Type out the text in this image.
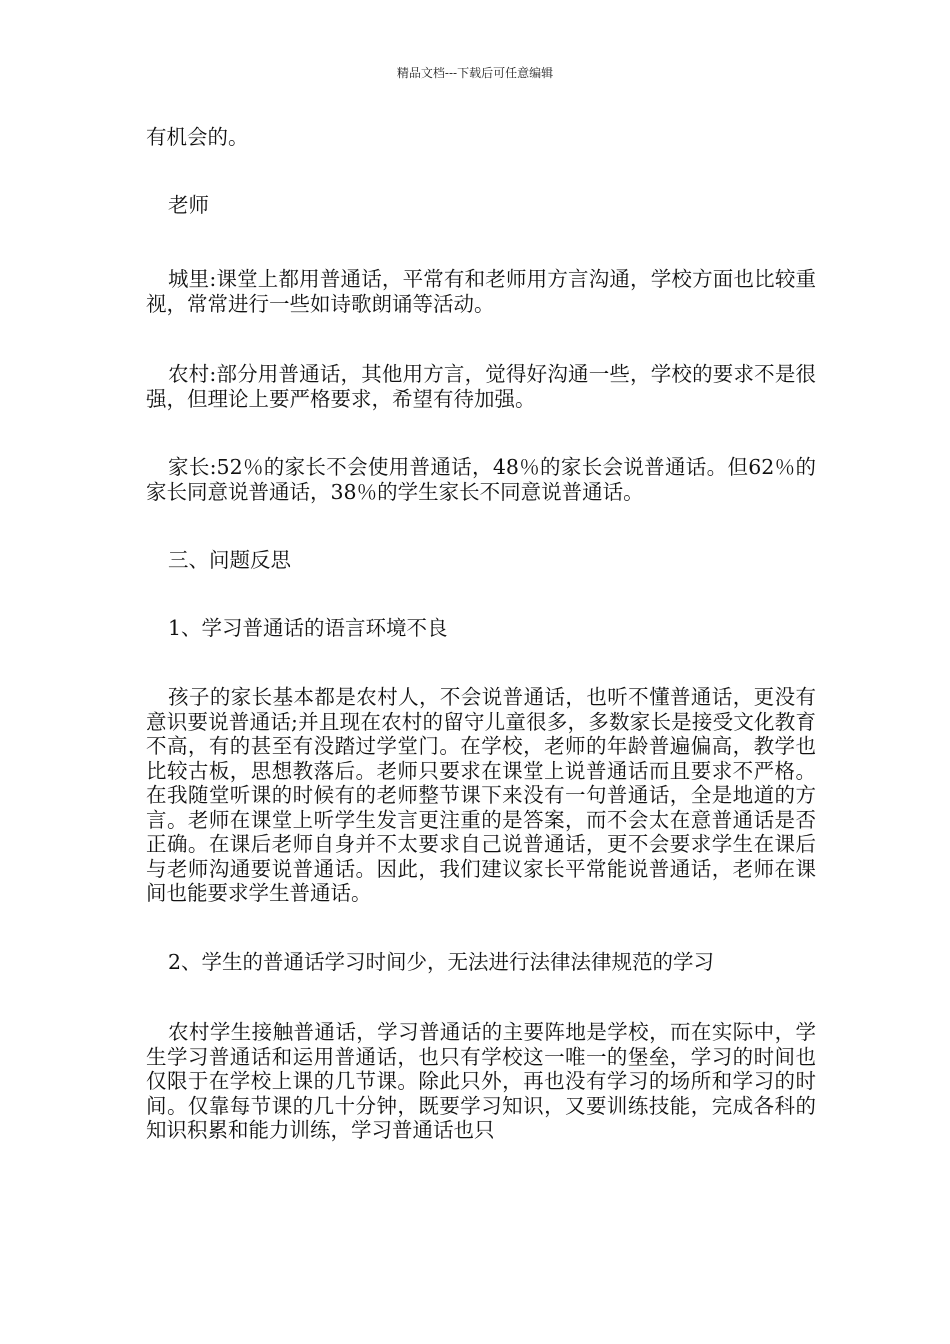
精品文档---下载后可任意编辑

有机会的。

老师

城里:课堂上都用普通话，平常有和老师用方言沟通，学校方面也比较重视，常常进行一些如诗歌朗诵等活动。

农村:部分用普通话，其他用方言，觉得好沟通一些，学校的要求不是很强，但理论上要严格要求，希望有待加强。

家长:52％的家长不会使用普通话，48％的家长会说普通话。但62％的家长同意说普通话，38％的学生家长不同意说普通话。

三、问题反思

1、学习普通话的语言环境不良

孩子的家长基本都是农村人，不会说普通话，也听不懂普通话，更没有意识要说普通话;并且现在农村的留守儿童很多，多数家长是接受文化教育不高，有的甚至有没踏过学堂门。在学校，老师的年龄普遍偏高，教学也比较古板，思想教落后。老师只要求在课堂上说普通话而且要求不严格。在我随堂听课的时候有的老师整节课下来没有一句普通话，全是地道的方言。老师在课堂上听学生发言更注重的是答案，而不会太在意普通话是否正确。在课后老师自身并不太要求自己说普通话，更不会要求学生在课后与老师沟通要说普通话。因此，我们建议家长平常能说普通话，老师在课间也能要求学生普通话。

2、学生的普通话学习时间少，无法进行法律法律规范的学习

农村学生接触普通话，学习普通话的主要阵地是学校，而在实际中，学生学习普通话和运用普通话，也只有学校这一唯一的堡垒，学习的时间也仅限于在学校上课的几节课。除此只外，再也没有学习的场所和学习的时间。仅靠每节课的几十分钟，既要学习知识，又要训练技能，完成各科的知识积累和能力训练，学习普通话也只
